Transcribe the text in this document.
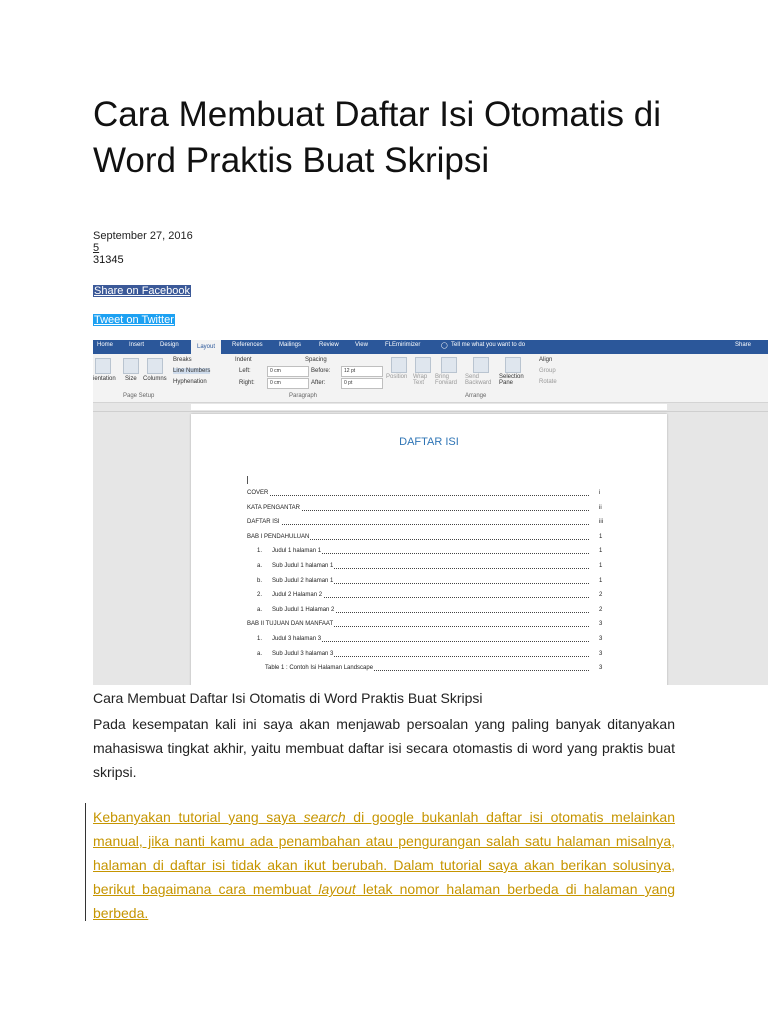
Cara Membuat Daftar Isi Otomatis di Word Praktis Buat Skripsi
September 27, 2016
5
31345
Share on Facebook
Tweet on Twitter
Home	Insert	Design	Layout	References	Mailings	Review	View	FLEmirimizer	◯ Tell me what you want to do	Share
ientation Size Columns
Breaks
Line Numbers
Hyphenation
Page Setup
Indent
Left:	0 cm
Right:	0 cm
Spacing
Before:	12 pt
After:	0 pt
Paragraph
Position Wrap Text
Bring Forward
Send Backward
Selection Pane
Align
Group
Rotate
Arrange
DAFTAR ISI
COVER	i
KATA PENGANTAR	ii
DAFTAR ISI	iii
BAB I PENDAHULUAN	1
1.      Judul 1 halaman 1	1
a.      Sub Judul 1 halaman 1	1
b.      Sub Judul 2 halaman 1	1
2.      Judul 2 Halaman 2	2
a.      Sub Judul 1 Halaman 2	2
BAB II TUJUAN DAN MANFAAT	3
1.      Judul 3 halaman 3	3
a.      Sub Judul 3 halaman 3	3
Table 1 : Contoh Isi Halaman Landscape	3
Cara Membuat Daftar Isi Otomatis di Word Praktis Buat Skripsi

Pada kesempatan kali ini saya akan menjawab persoalan yang paling banyak ditanyakan mahasiswa tingkat akhir, yaitu membuat daftar isi secara otomastis di word yang praktis buat skripsi.

Kebanyakan tutorial yang saya search di google bukanlah daftar isi otomatis melainkan manual, jika nanti kamu ada penambahan atau pengurangan salah satu halaman misalnya, halaman di daftar isi tidak akan ikut berubah. Dalam tutorial saya akan berikan solusinya, berikut bagaimana cara membuat layout letak nomor halaman berbeda di halaman yang berbeda.
